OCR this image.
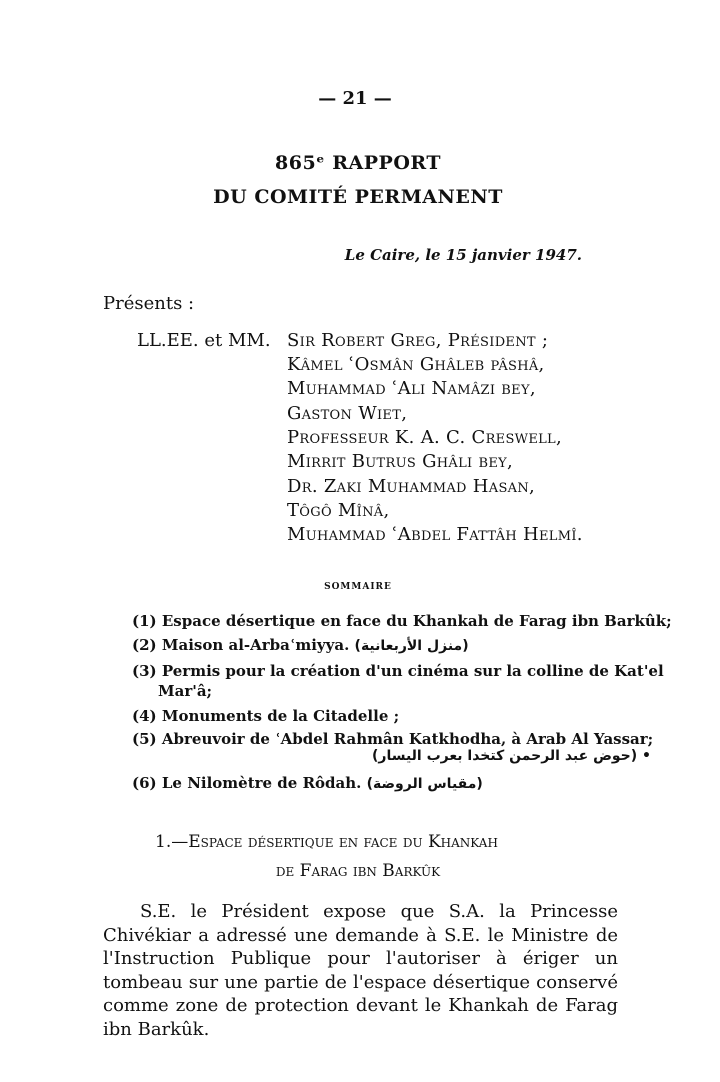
— 21 —
865ᵉ RAPPORT
DU COMITÉ PERMANENT
Le Caire, le 15 janvier 1947.
Présents :
LL.EE. et MM. Sir Robert Greg, Président ;
Kâmel ʿOsmân Ghâleb pâshâ,
Muhammad ʿAli Namâzi bey,
Gaston Wiet,
Professeur K. A. C. Creswell,
Mirrit Butrus Ghâli bey,
Dr. Zaki Muhammad Hasan,
Tôgô Mînâ,
Muhammad ʿAbdel Fattâh Helmî.
SOMMAIRE
(1) Espace désertique en face du Khankah de Farag ibn Barkûk;
(2) Maison al-Arbaʿmiyya. (منزل الأربعانية)
(3) Permis pour la création d'un cinéma sur la colline de Kat'el
Mar'â;
(4) Monuments de la Citadelle ;
(5) Abreuvoir de ʿAbdel Rahmân Katkhodha, à Arab Al Yassar;
• (حوض عبد الرحمن كتخدا بعرب اليسار)
(6) Le Nilomètre de Rôdah. (مقياس الروضة)
1.—Espace désertique en face du Khankah
de Farag ibn Barkûk

S.E. le Président expose que S.A. la Princesse Chivékiar a adressé une demande à S.E. le Ministre de l'Instruction Publique pour l'autoriser à ériger un tombeau sur une partie de l'espace désertique conservé comme zone de protection devant le Khankah de Farag ibn Barkûk.
